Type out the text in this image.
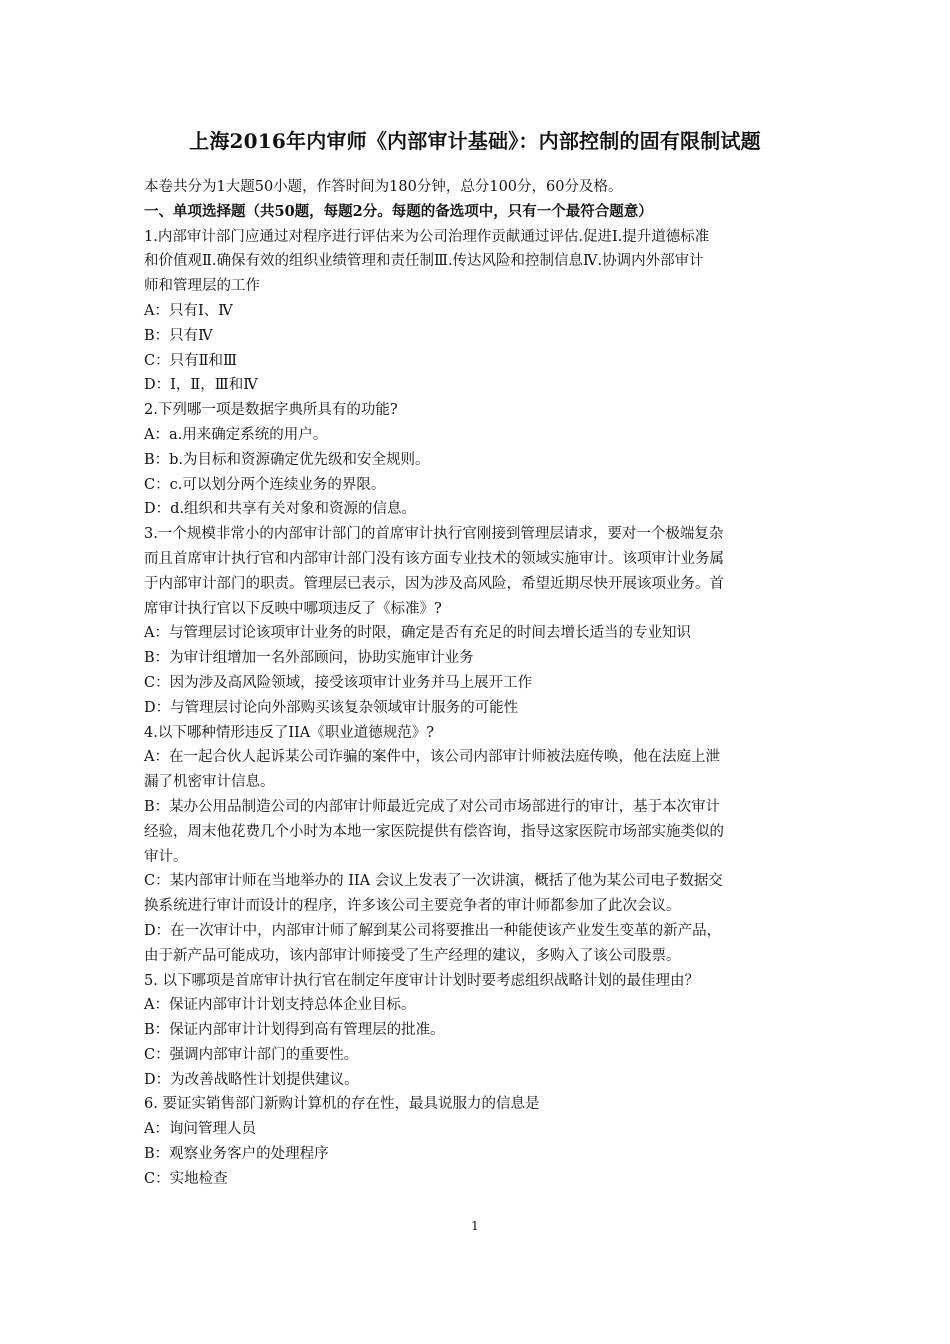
上海2016年内审师《内部审计基础》：内部控制的固有限制试题
本卷共分为1大题50小题，作答时间为180分钟，总分100分，60分及格。
一、单项选择题（共50题，每题2分。每题的备选项中，只有一个最符合题意）
1.内部审计部门应通过对程序进行评估来为公司治理作贡献通过评估.促进Ⅰ.提升道德标准
和价值观Ⅱ.确保有效的组织业绩管理和责任制Ⅲ.传达风险和控制信息Ⅳ.协调内外部审计
师和管理层的工作
A：只有Ⅰ、Ⅳ
B：只有Ⅳ
C：只有Ⅱ和Ⅲ
D：Ⅰ，Ⅱ，Ⅲ和Ⅳ
2.下列哪一项是数据字典所具有的功能?
A：a.用来确定系统的用户。
B：b.为目标和资源确定优先级和安全规则。
C：c.可以划分两个连续业务的界限。
D：d.组织和共享有关对象和资源的信息。
3.一个规模非常小的内部审计部门的首席审计执行官刚接到管理层请求，要对一个极端复杂
而且首席审计执行官和内部审计部门没有该方面专业技术的领域实施审计。该项审计业务属
于内部审计部门的职责。管理层已表示，因为涉及高风险，希望近期尽快开展该项业务。首
席审计执行官以下反映中哪项违反了《标准》?
A：与管理层讨论该项审计业务的时限，确定是否有充足的时间去增长适当的专业知识
B：为审计组增加一名外部顾问，协助实施审计业务
C：因为涉及高风险领域，接受该项审计业务并马上展开工作
D：与管理层讨论向外部购买该复杂领域审计服务的可能性
4.以下哪种情形违反了IIA《职业道德规范》?
A：在一起合伙人起诉某公司诈骗的案件中，该公司内部审计师被法庭传唤，他在法庭上泄
漏了机密审计信息。
B：某办公用品制造公司的内部审计师最近完成了对公司市场部进行的审计，基于本次审计
经验，周末他花费几个小时为本地一家医院提供有偿咨询，指导这家医院市场部实施类似的
审计。
C：某内部审计师在当地举办的 IIA 会议上发表了一次讲演，概括了他为某公司电子数据交
换系统进行审计而设计的程序，许多该公司主要竞争者的审计师都参加了此次会议。
D：在一次审计中，内部审计师了解到某公司将要推出一种能使该产业发生变革的新产品，
由于新产品可能成功，该内部审计师接受了生产经理的建议，多购入了该公司股票。
5. 以下哪项是首席审计执行官在制定年度审计计划时要考虑组织战略计划的最佳理由？
A：保证内部审计计划支持总体企业目标。
B：保证内部审计计划得到高有管理层的批准。
C：强调内部审计部门的重要性。
D：为改善战略性计划提供建议。
6. 要证实销售部门新购计算机的存在性，最具说服力的信息是
A：询问管理人员
B：观察业务客户的处理程序
C：实地检查
1
